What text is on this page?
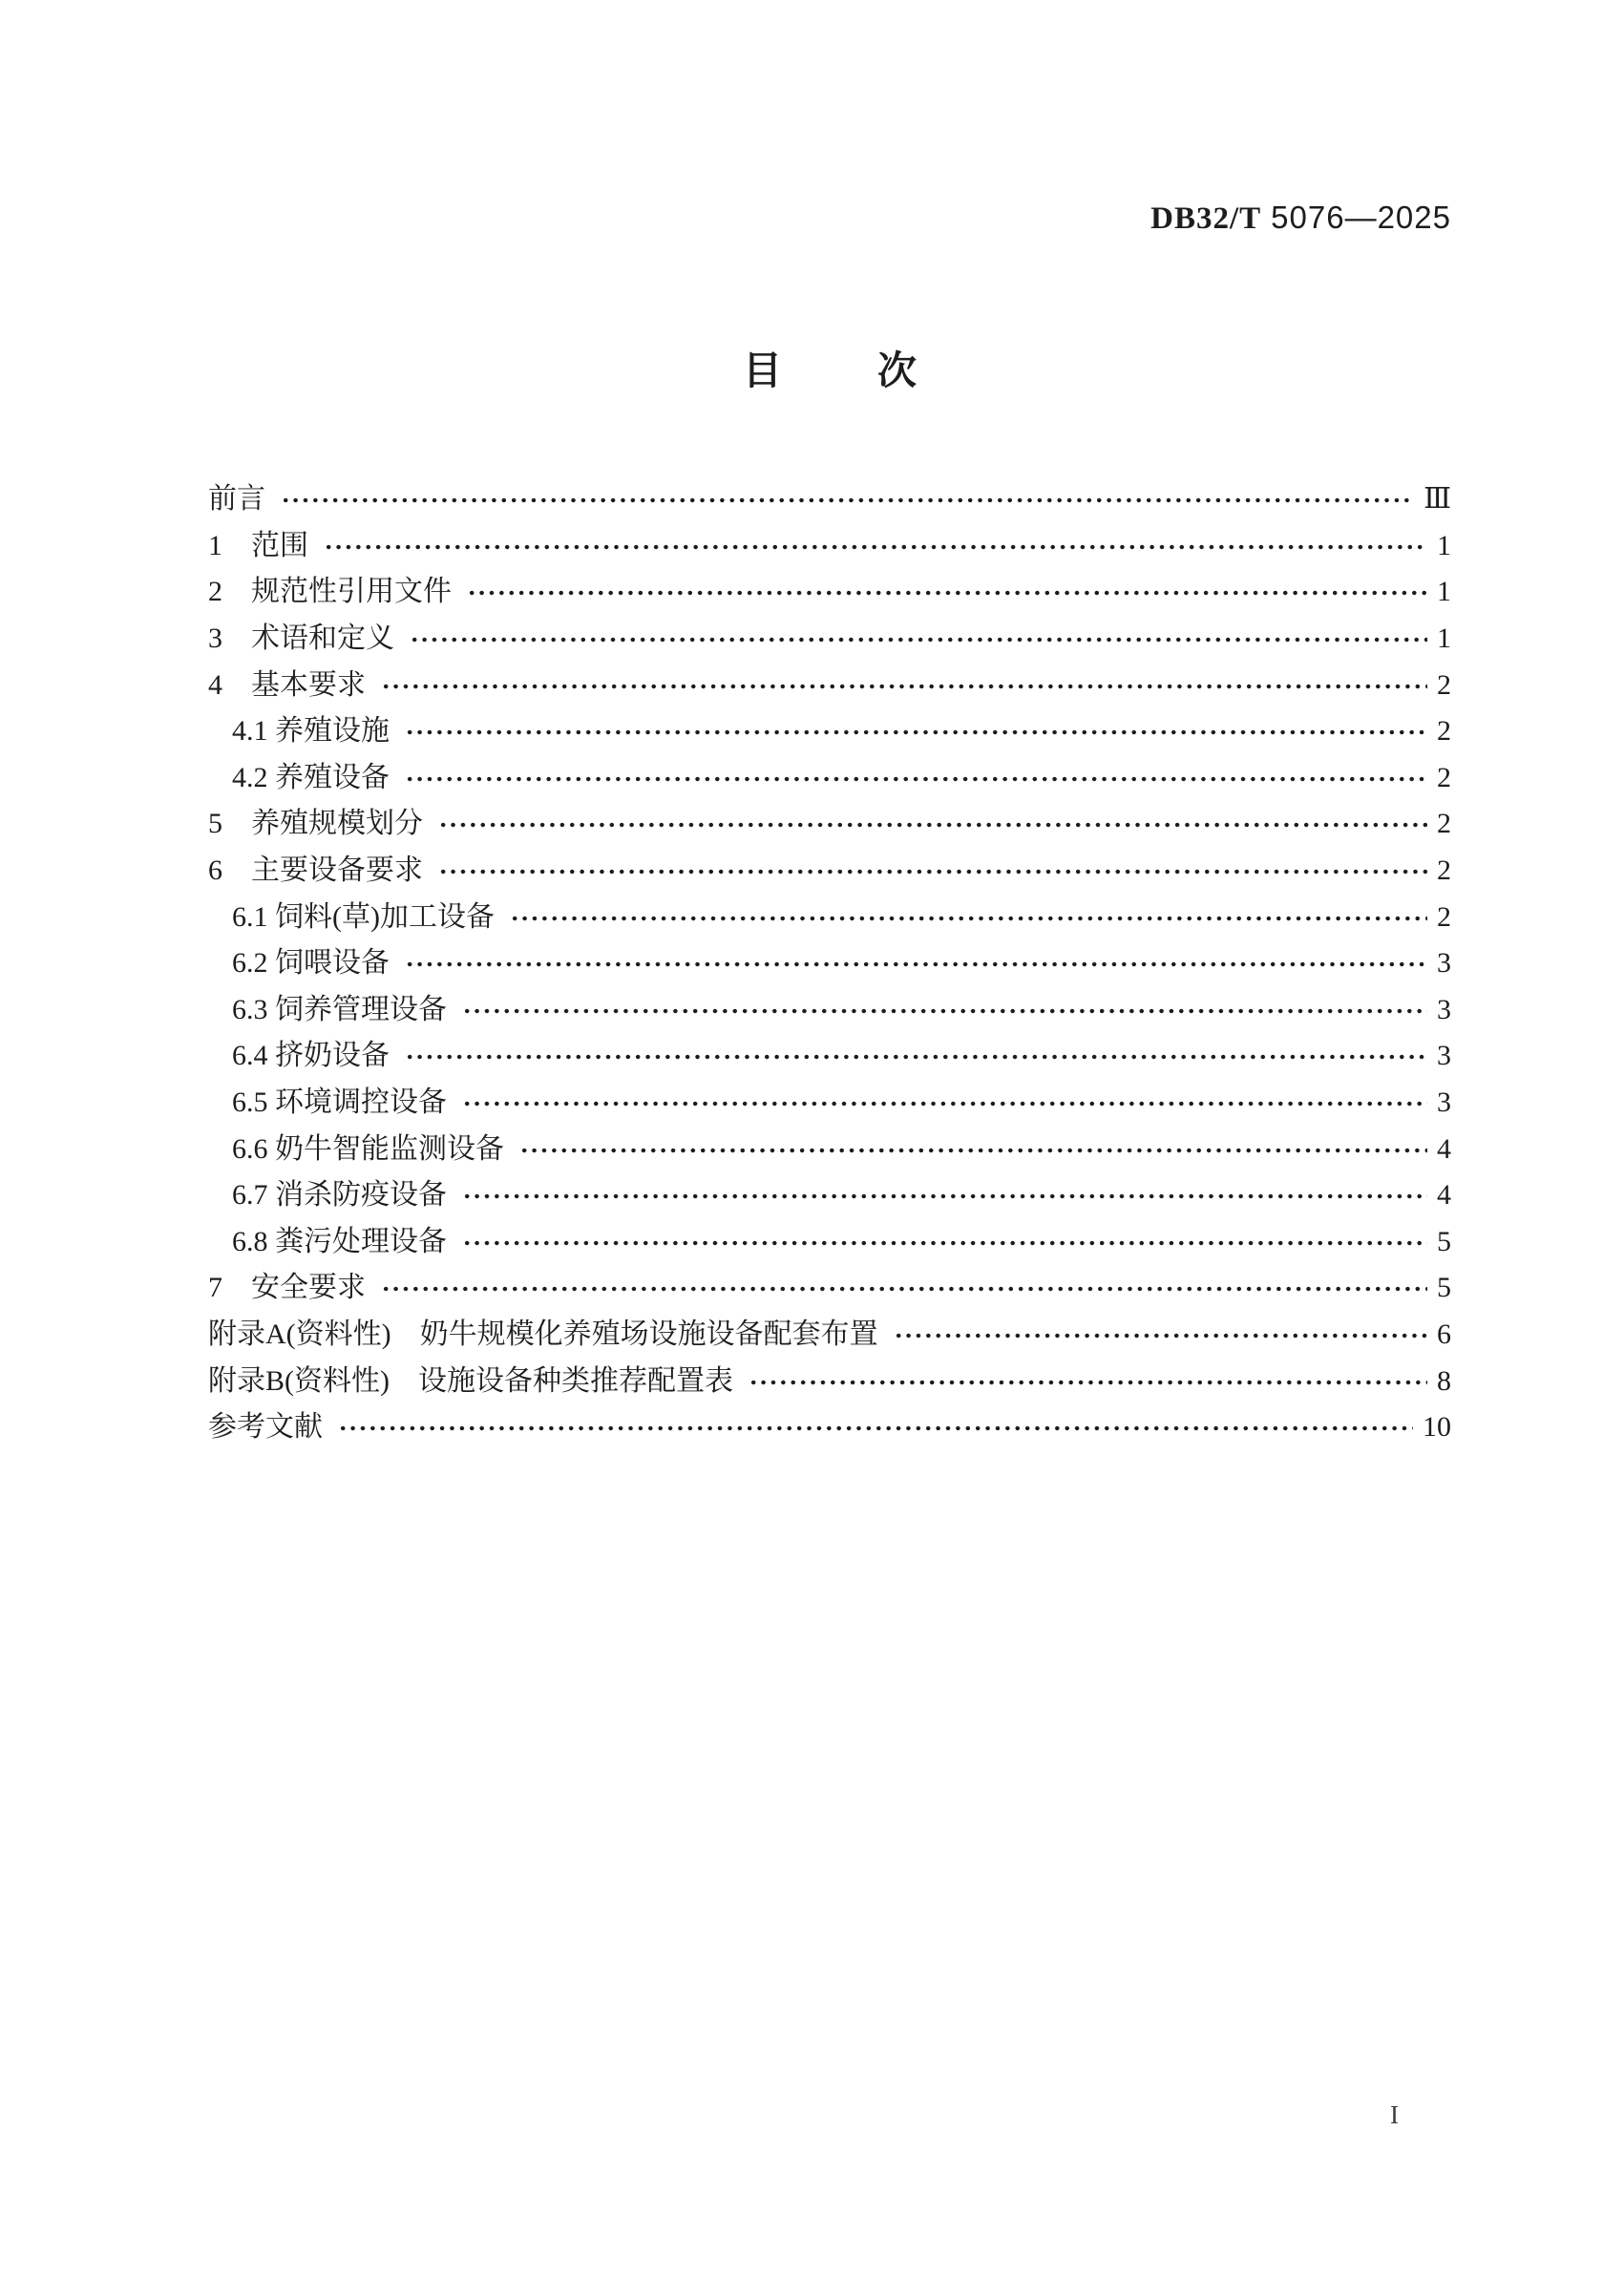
DB32/T 5076—2025
目 次
前言	Ⅲ
1	范围	1
2	规范性引用文件	1
3	术语和定义	1
4	基本要求	2
4.1 养殖设施	2
4.2 养殖设备	2
5	养殖规模划分	2
6	主要设备要求	2
6.1 饲料(草)加工设备	2
6.2 饲喂设备	3
6.3 饲养管理设备	3
6.4 挤奶设备	3
6.5 环境调控设备	3
6.6 奶牛智能监测设备	4
6.7 消杀防疫设备	4
6.8 粪污处理设备	5
7	安全要求	5
附录A(资料性)　奶牛规模化养殖场设施设备配套布置	6
附录B(资料性)　设施设备种类推荐配置表	8
参考文献	10
I
